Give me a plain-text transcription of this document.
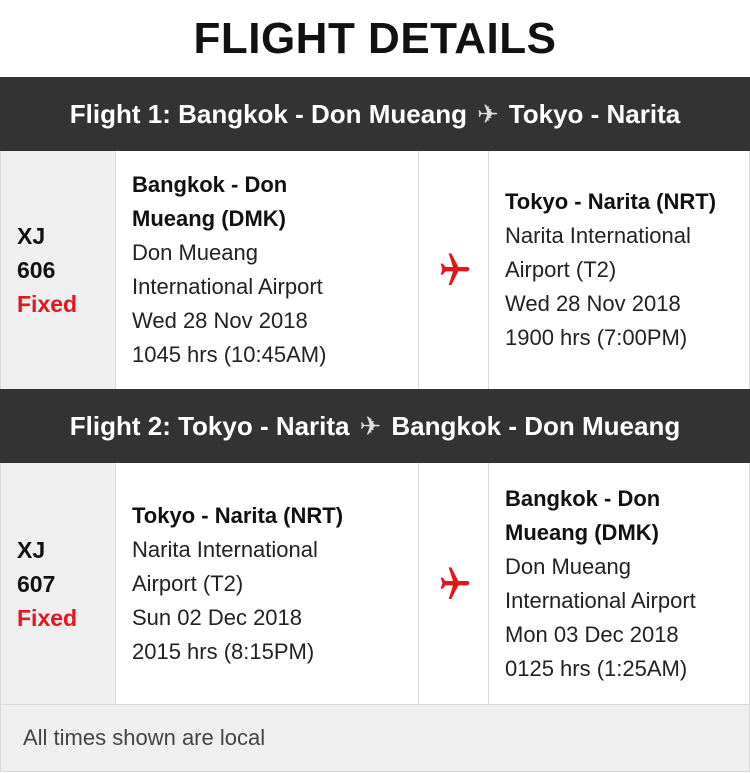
FLIGHT DETAILS
Flight 1: Bangkok - Don Mueang ✈ Tokyo - Narita
XJ
606
Fixed
Bangkok - Don
Mueang (DMK)
Don Mueang
International Airport
Wed 28 Nov 2018
1045 hrs (10:45AM)
Tokyo - Narita (NRT)
Narita International
Airport (T2)
Wed 28 Nov 2018
1900 hrs (7:00PM)
Flight 2: Tokyo - Narita ✈ Bangkok - Don Mueang
XJ
607
Fixed
Tokyo - Narita (NRT)
Narita International
Airport (T2)
Sun 02 Dec 2018
2015 hrs (8:15PM)
Bangkok - Don
Mueang (DMK)
Don Mueang
International Airport
Mon 03 Dec 2018
0125 hrs (1:25AM)
All times shown are local
